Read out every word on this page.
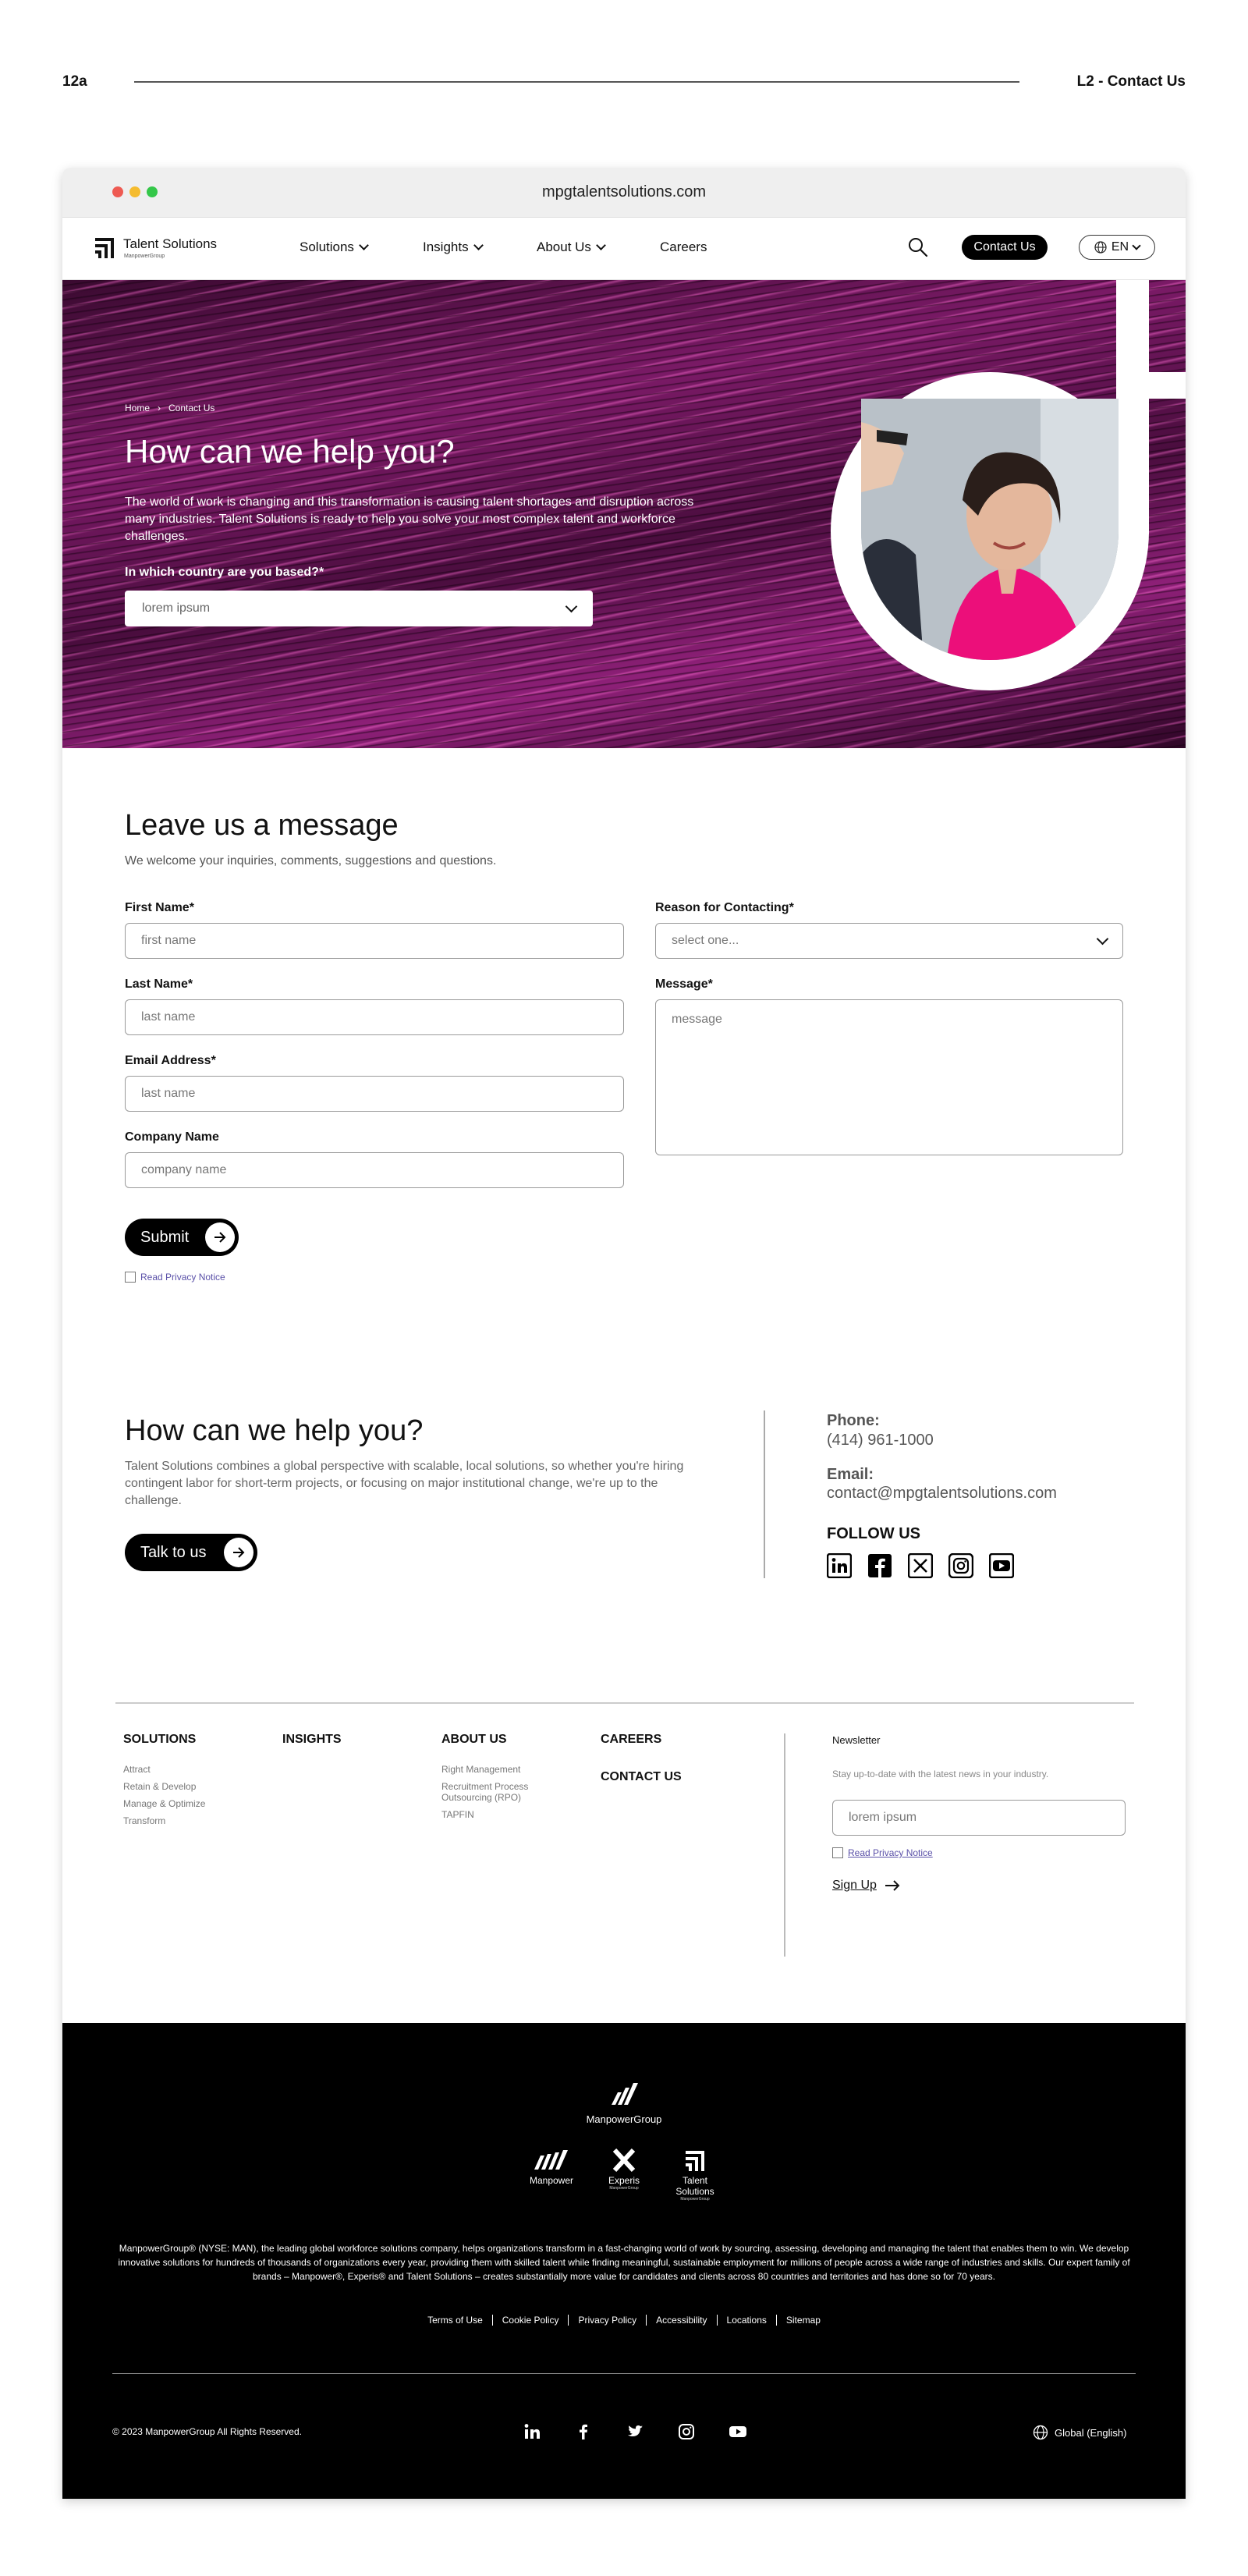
12a	L2 - Contact Us
mpgtalentsolutions.com
Talent Solutions
ManpowerGroup
Solutions	Insights	About Us	Careers	Contact Us	EN
Home › Contact Us
How can we help you?

The world of work is changing and this transformation is causing talent shortages and disruption across many industries. Talent Solutions is ready to help you solve your most complex talent and workforce challenges.

In which country are you based?*
lorem ipsum
Leave us a message

We welcome your inquiries, comments, suggestions and questions.

First Name*
first name
Last Name*
last name
Email Address*
last name
Company Name
company name
Reason for Contacting*
select one...
Message*
message
Submit
Read Privacy Notice
How can we help you?

Talent Solutions combines a global perspective with scalable, local solutions, so whether you're hiring contingent labor for short-term projects, or focusing on major institutional change, we're up to the challenge.

Talk to us
Phone:
(414) 961-1000
Email:
contact@mpgtalentsolutions.com
FOLLOW US
SOLUTIONS
Attract
Retain & Develop
Manage & Optimize
Transform
INSIGHTS	ABOUT US
Right Management
Recruitment Process Outsourcing (RPO)
TAPFIN
CAREERS
CONTACT US
Newsletter
Stay up-to-date with the latest news in your industry.
lorem ipsum
Read Privacy Notice
Sign Up
ManpowerGroup
Manpower	Experis
ManpowerGroup
Talent Solutions
ManpowerGroup

ManpowerGroup® (NYSE: MAN), the leading global workforce solutions company, helps organizations transform in a fast-changing world of work by sourcing, assessing, developing and managing the talent that enables them to win. We develop innovative solutions for hundreds of thousands of organizations every year, providing them with skilled talent while finding meaningful, sustainable employment for millions of people across a wide range of industries and skills. Our expert family of brands – Manpower®, Experis® and Talent Solutions – creates substantially more value for candidates and clients across 80 countries and territories and has done so for 70 years.

Terms of Use	Cookie Policy	Privacy Policy	Accessibility	Locations	Sitemap
© 2023 ManpowerGroup All Rights Reserved.	Global (English)
